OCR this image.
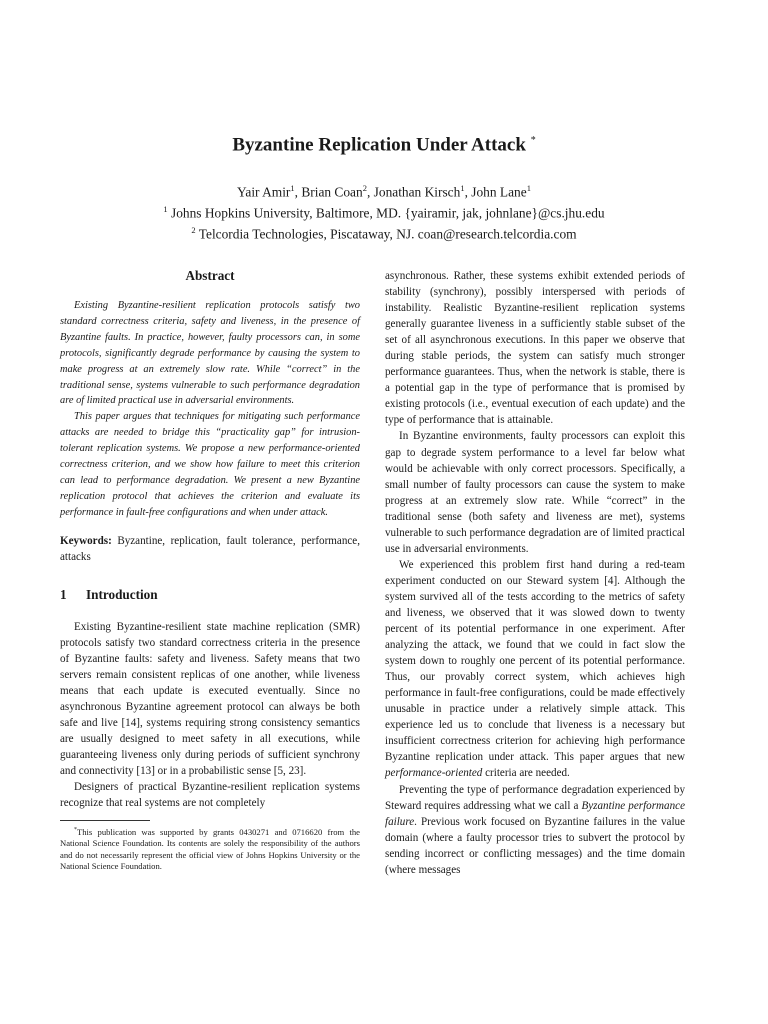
Byzantine Replication Under Attack *
Yair Amir$^1$, Brian Coan$^2$, Jonathan Kirsch$^1$, John Lane$^1$
$^1$ Johns Hopkins University, Baltimore, MD. {yairamir, jak, johnlane}@cs.jhu.edu
$^2$ Telcordia Technologies, Piscataway, NJ. coan@research.telcordia.com
Abstract

Existing Byzantine-resilient replication protocols satisfy two standard correctness criteria, safety and liveness, in the presence of Byzantine faults. In practice, however, faulty processors can, in some protocols, significantly degrade performance by causing the system to make progress at an extremely slow rate. While “correct” in the traditional sense, systems vulnerable to such performance degradation are of limited practical use in adversarial environments.

This paper argues that techniques for mitigating such performance attacks are needed to bridge this “practicality gap” for intrusion-tolerant replication systems. We propose a new performance-oriented correctness criterion, and we show how failure to meet this criterion can lead to performance degradation. We present a new Byzantine replication protocol that achieves the criterion and evaluate its performance in fault-free configurations and when under attack.

Keywords: Byzantine, replication, fault tolerance, performance, attacks

1 Introduction

Existing Byzantine-resilient state machine replication (SMR) protocols satisfy two standard correctness criteria in the presence of Byzantine faults: safety and liveness. Safety means that two servers remain consistent replicas of one another, while liveness means that each update is executed eventually. Since no asynchronous Byzantine agreement protocol can always be both safe and live [14], systems requiring strong consistency semantics are usually designed to meet safety in all executions, while guaranteeing liveness only during periods of sufficient synchrony and connectivity [13] or in a probabilistic sense [5, 23].

Designers of practical Byzantine-resilient replication systems recognize that real systems are not completely

*This publication was supported by grants 0430271 and 0716620 from the National Science Foundation. Its contents are solely the responsibility of the authors and do not necessarily represent the official view of Johns Hopkins University or the National Science Foundation.

asynchronous. Rather, these systems exhibit extended periods of stability (synchrony), possibly interspersed with periods of instability. Realistic Byzantine-resilient replication systems generally guarantee liveness in a sufficiently stable subset of the set of all asynchronous executions. In this paper we observe that during stable periods, the system can satisfy much stronger performance guarantees. Thus, when the network is stable, there is a potential gap in the type of performance that is promised by existing protocols (i.e., eventual execution of each update) and the type of performance that is attainable.

In Byzantine environments, faulty processors can exploit this gap to degrade system performance to a level far below what would be achievable with only correct processors. Specifically, a small number of faulty processors can cause the system to make progress at an extremely slow rate. While “correct” in the traditional sense (both safety and liveness are met), systems vulnerable to such performance degradation are of limited practical use in adversarial environments.

We experienced this problem first hand during a red-team experiment conducted on our Steward system [4]. Although the system survived all of the tests according to the metrics of safety and liveness, we observed that it was slowed down to twenty percent of its potential performance in one experiment. After analyzing the attack, we found that we could in fact slow the system down to roughly one percent of its potential performance. Thus, our provably correct system, which achieves high performance in fault-free configurations, could be made effectively unusable in practice under a relatively simple attack. This experience led us to conclude that liveness is a necessary but insufficient correctness criterion for achieving high performance Byzantine replication under attack. This paper argues that new performance-oriented criteria are needed.

Preventing the type of performance degradation experienced by Steward requires addressing what we call a Byzantine performance failure. Previous work focused on Byzantine failures in the value domain (where a faulty processor tries to subvert the protocol by sending incorrect or conflicting messages) and the time domain (where messages
